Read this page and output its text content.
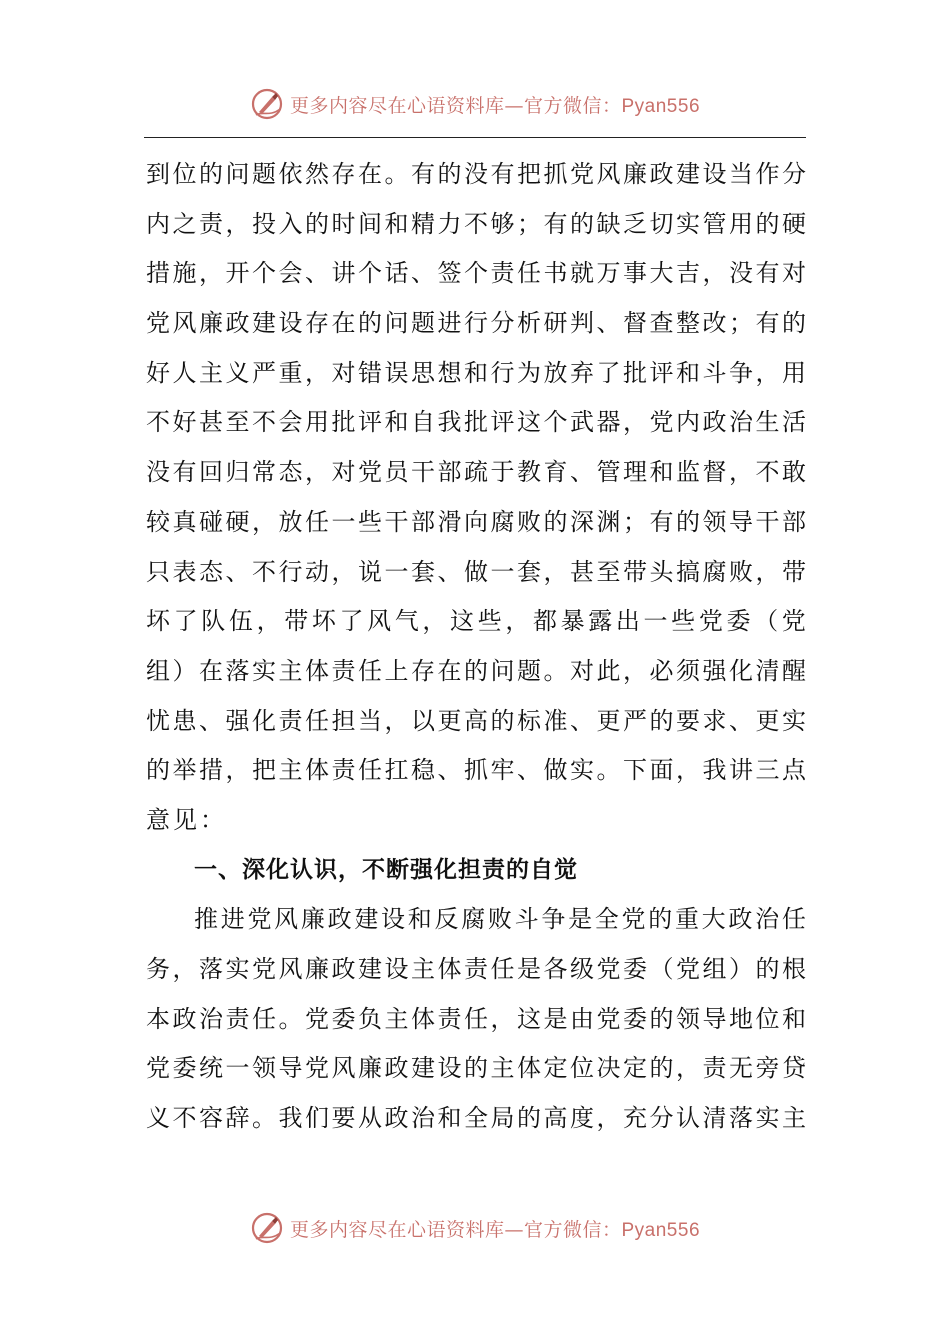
更多内容尽在心语资料库—官方微信：Pyan556
到 位 的 问 题 依 然 存 在 。 有 的 没 有 把 抓 党 风 廉 政 建 设 当 作 分
内 之 责 ， 投 入 的 时 间 和 精 力 不 够 ； 有 的 缺 乏 切 实 管 用 的 硬
措 施 ， 开 个 会 、 讲 个 话 、 签 个 责 任 书 就 万 事 大 吉 ， 没 有 对
党 风 廉 政 建 设 存 在 的 问 题 进 行 分 析 研 判 、 督 查 整 改 ； 有 的
好 人 主 义 严 重 ， 对 错 误 思 想 和 行 为 放 弃 了 批 评 和 斗 争 ， 用
不 好 甚 至 不 会 用 批 评 和 自 我 批 评 这 个 武 器 ， 党 内 政 治 生 活
没 有 回 归 常 态 ， 对 党 员 干 部 疏 于 教 育 、 管 理 和 监 督 ， 不 敢
较 真 碰 硬 ， 放 任 一 些 干 部 滑 向 腐 败 的 深 渊 ； 有 的 领 导 干 部
只 表 态 、 不 行 动 ， 说 一 套 、 做 一 套 ， 甚 至 带 头 搞 腐 败 ， 带
坏 了 队 伍 ， 带 坏 了 风 气 ， 这 些 ， 都 暴 露 出 一 些 党 委 （ 党
组 ） 在 落 实 主 体 责 任 上 存 在 的 问 题 。 对 此 ， 必 须 强 化 清 醒
忧 患 、 强 化 责 任 担 当 ， 以 更 高 的 标 准 、 更 严 的 要 求 、 更 实
的 举 措 ， 把 主 体 责 任 扛 稳 、 抓 牢 、 做 实 。 下 面 ， 我 讲 三 点
意 见 ：
一、深化认识，不断强化担责的自觉
推 进 党 风 廉 政 建 设 和 反 腐 败 斗 争 是 全 党 的 重 大 政 治 任
务 ， 落 实 党 风 廉 政 建 设 主 体 责 任 是 各 级 党 委 （ 党 组 ） 的 根
本 政 治 责 任 。 党 委 负 主 体 责 任 ， 这 是 由 党 委 的 领 导 地 位 和
党 委 统 一 领 导 党 风 廉 政 建 设 的 主 体 定 位 决 定 的 ， 责 无 旁 贷
义 不 容 辞 。 我 们 要 从 政 治 和 全 局 的 高 度 ， 充 分 认 清 落 实 主
更多内容尽在心语资料库—官方微信：Pyan556
